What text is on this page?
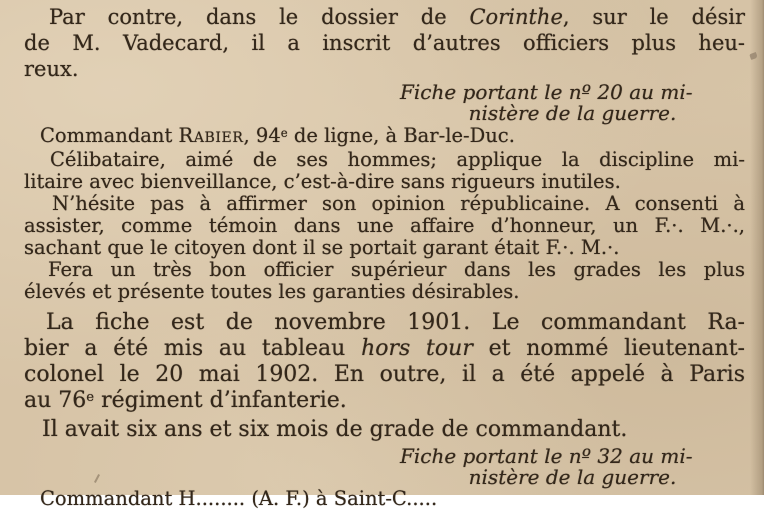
Par contre, dans le dossier de Corinthe, sur le désir
de M. Vadecard, il a inscrit d’autres officiers plus heu-
reux.
Fiche portant le nº 20 au mi-
nistère de la guerre.
Commandant Rabier, 94e de ligne, à Bar-le-Duc.
Célibataire, aimé de ses hommes; applique la discipline mi-
litaire avec bienveillance, c’est-à-dire sans rigueurs inutiles.
N’hésite pas à affirmer son opinion républicaine. A consenti à
assister, comme témoin dans une affaire d’honneur, un F.·. M.·.,
sachant que le citoyen dont il se portait garant était F.·. M.·.
Fera un très bon officier supérieur dans les grades les plus
élevés et présente toutes les garanties désirables.
La fiche est de novembre 1901. Le commandant Ra-
bier a été mis au tableau hors tour et nommé lieutenant-
colonel le 20 mai 1902. En outre, il a été appelé à Paris
au 76e régiment d’infanterie.
Il avait six ans et six mois de grade de commandant.
Fiche portant le nº 32 au mi-
nistère de la guerre.
Commandant H........ (A. F.) à Saint-C.....
